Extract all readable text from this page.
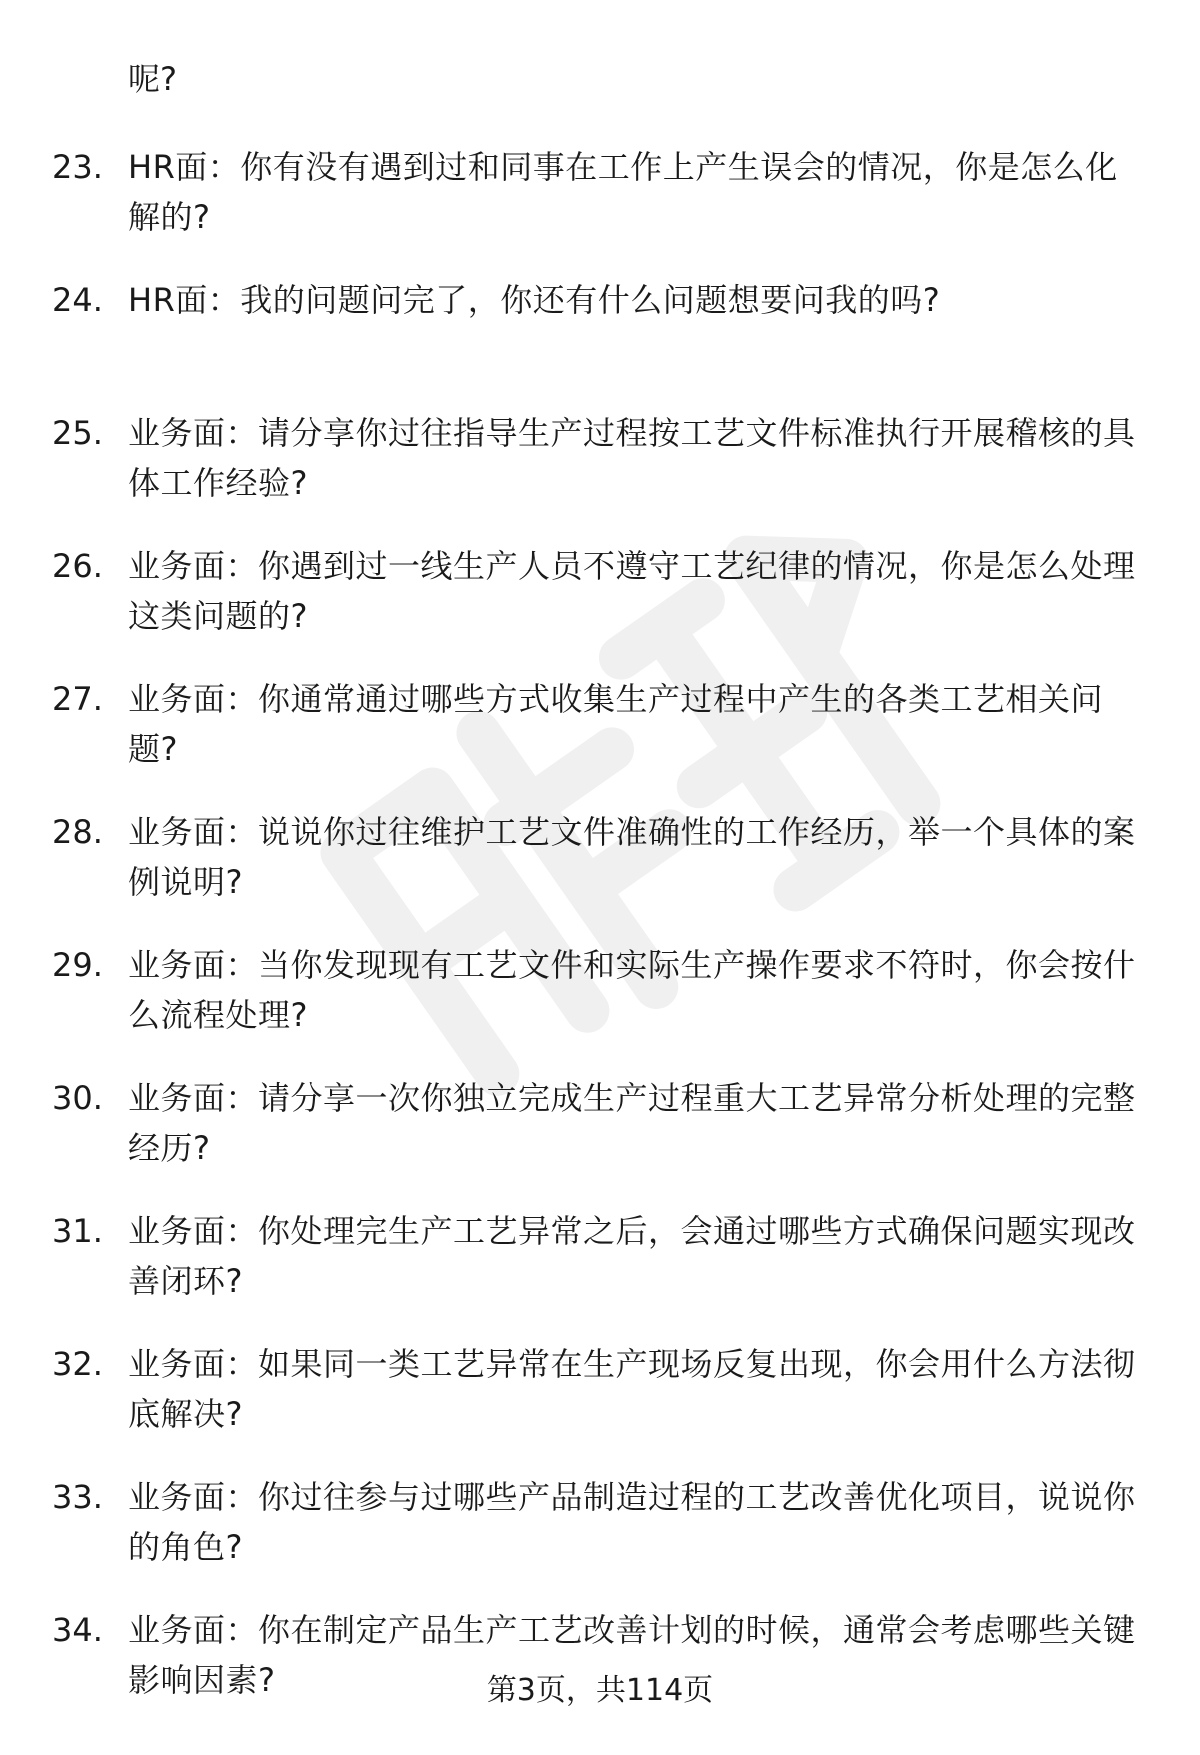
呢?

23. HR面：你有没有遇到过和同事在工作上产生误会的情况，你是怎么化解的?
24. HR面：我的问题问完了，你还有什么问题想要问我的吗?
25. 业务面：请分享你过往指导生产过程按工艺文件标准执行开展稽核的具体工作经验?
26. 业务面：你遇到过一线生产人员不遵守工艺纪律的情况，你是怎么处理这类问题的?
27. 业务面：你通常通过哪些方式收集生产过程中产生的各类工艺相关问题?
28. 业务面：说说你过往维护工艺文件准确性的工作经历，举一个具体的案例说明?
29. 业务面：当你发现现有工艺文件和实际生产操作要求不符时，你会按什么流程处理?
30. 业务面：请分享一次你独立完成生产过程重大工艺异常分析处理的完整经历?
31. 业务面：你处理完生产工艺异常之后，会通过哪些方式确保问题实现改善闭环?
32. 业务面：如果同一类工艺异常在生产现场反复出现，你会用什么方法彻底解决?
33. 业务面：你过往参与过哪些产品制造过程的工艺改善优化项目，说说你的角色?
34. 业务面：你在制定产品生产工艺改善计划的时候，通常会考虑哪些关键影响因素?	第3页，共114页
